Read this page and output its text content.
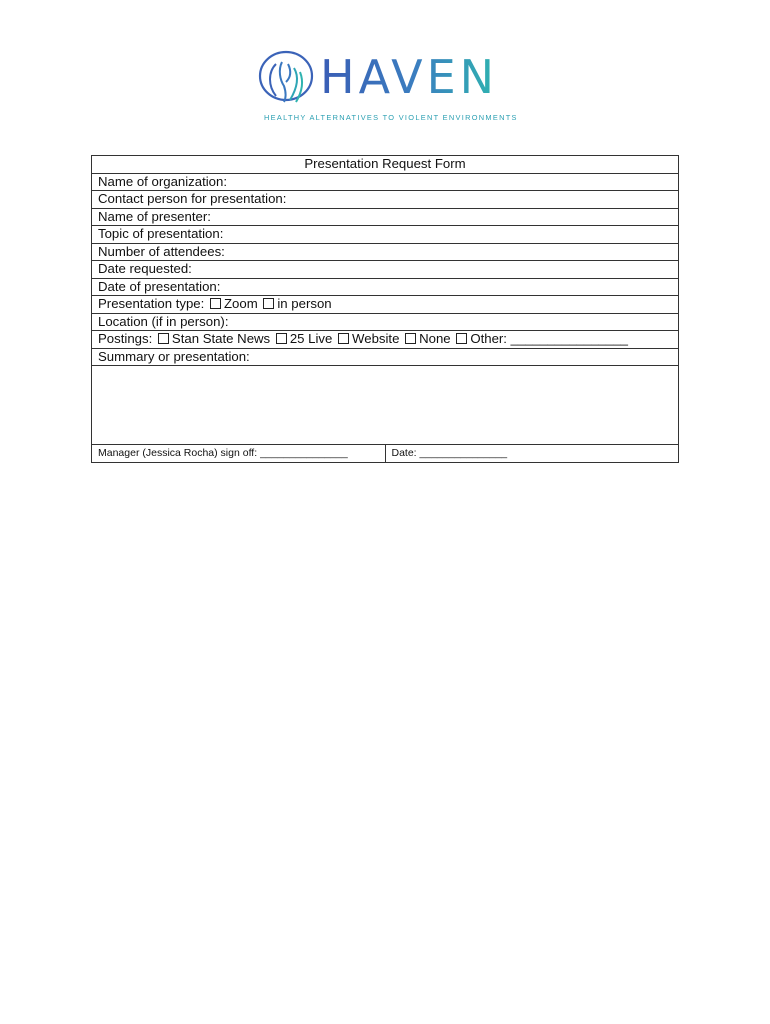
HAVEN
HEALTHY ALTERNATIVES TO VIOLENT ENVIRONMENTS
Presentation Request Form
Name of organization:
Contact person for presentation:
Name of presenter:
Topic of presentation:
Number of attendees:
Date requested:
Date of presentation:
Presentation type: Zoom in person
Location (if in person):
Postings: Stan State News 25 Live Website None Other: ________________
Summary or presentation:

Manager (Jessica Rocha) sign off: _______________	Date: _______________
